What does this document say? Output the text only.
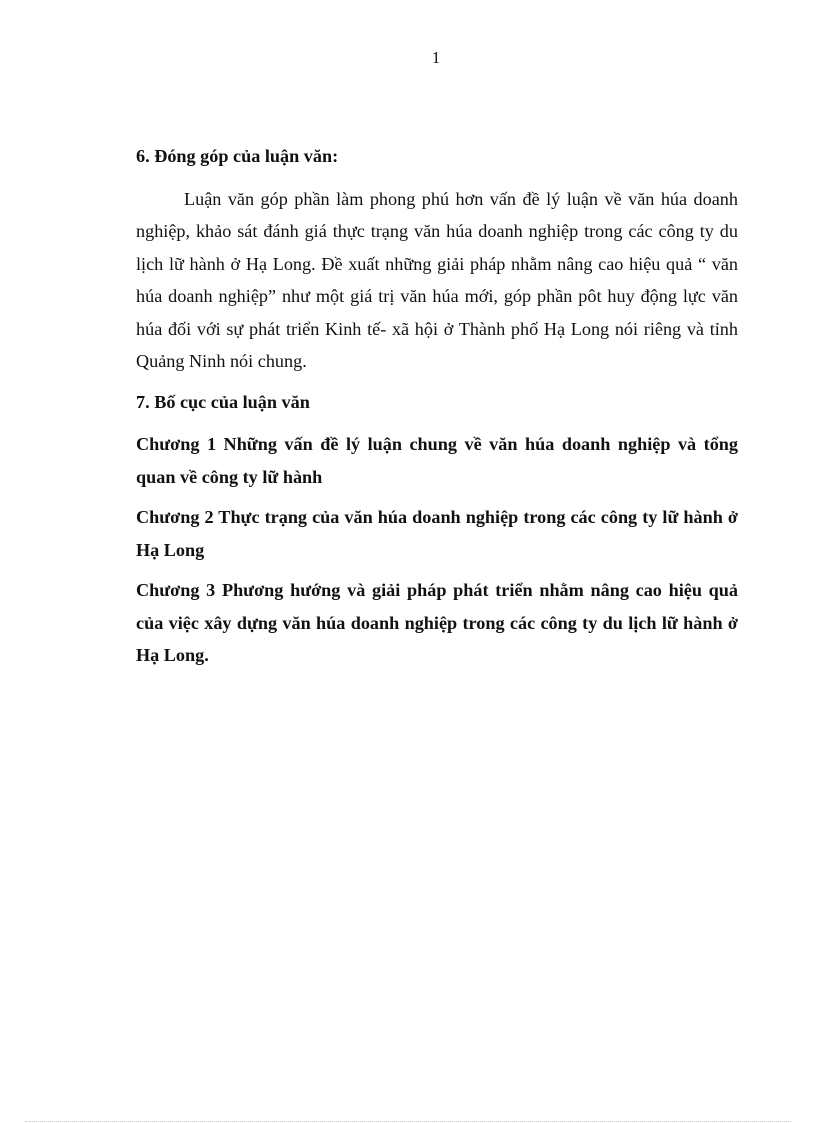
1
6. Đóng góp của luận văn:

Luận văn góp phần làm phong phú hơn vấn đề lý luận về văn húa doanh nghiệp, khảo sát đánh giá thực trạng văn húa doanh nghiệp trong các công ty du lịch lữ hành ở Hạ Long. Đề xuất những giải pháp nhằm nâng cao hiệu quả “ văn húa doanh nghiệp” như một giá trị văn húa mới, góp phần pôt huy động lực văn húa đối với sự phát triển Kinh tế- xã hội ở Thành phố Hạ Long nói riêng và tỉnh Quảng Ninh nói chung.

7. Bố cục của luận văn

Chương 1 Những vấn đề lý luận chung về văn húa doanh nghiệp và tổng quan về công ty lữ hành

Chương 2 Thực trạng của văn húa doanh nghiệp trong các công ty lữ hành ở Hạ Long

Chương 3 Phương hướng và giải pháp phát triển nhằm nâng cao hiệu quả của việc xây dựng văn húa doanh nghiệp trong các công ty du lịch lữ hành ở Hạ Long.
